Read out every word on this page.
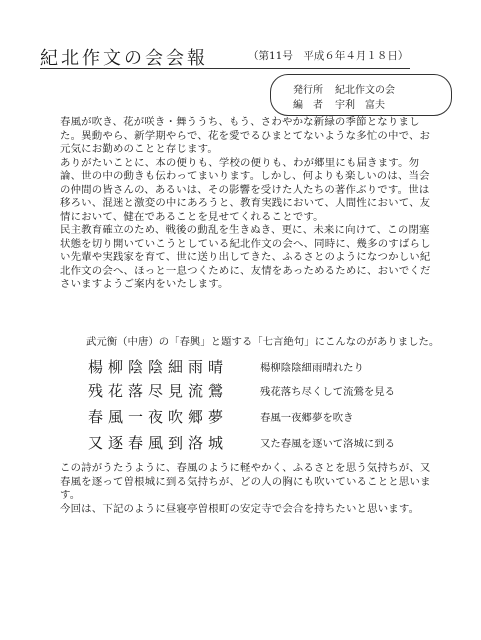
紀北作文の会会報	（第11号　平成６年４月１８日）
発行所 紀北作文の会
編　者 宇利　富夫

春風が吹き、花が咲き・舞ううち、もう、さわやかな新緑の季節となりました。異動やら、新学期やらで、花を愛でるひまとてないような多忙の中で、お元気にお勤めのことと存じます。

ありがたいことに、本の便りも、学校の便りも、わが郷里にも届きます。勿論、世の中の動きも伝わってまいります。しかし、何よりも楽しいのは、当会の仲間の皆さんの、あるいは、その影響を受けた人たちの著作ぶりです。世は移ろい、混迷と激変の中にあろうと、教育実践において、人間性において、友情において、健在であることを見せてくれることです。

民主教育確立のため、戦後の動乱を生きぬき、更に、未来に向けて、この閉塞状態を切り開いていこうとしている紀北作文の会へ、同時に、幾多のすばらしい先輩や実践家を育て、世に送り出してきた、ふるさとのようになつかしい紀北作文の会へ、ほっと一息つくために、友情をあっためるために、おいでくださいますようご案内をいたします。

武元衡（中唐）の「春興」と題する「七言絶句」にこんなのがありました。
楊柳陰陰細雨晴	楊柳陰陰細雨晴れたり
残花落尽見流鶯	残花落ち尽くして流鶯を見る
春風一夜吹郷夢	春風一夜郷夢を吹き
又逐春風到洛城	又た春風を逐いて洛城に到る

この詩がうたうように、春風のように軽やかく、ふるさとを思う気持ちが、又春風を逐って曽根城に到る気持ちが、どの人の胸にも吹いていることと思います。

今回は、下記のように昼寝亭曽根町の安定寺で会合を持ちたいと思います。
